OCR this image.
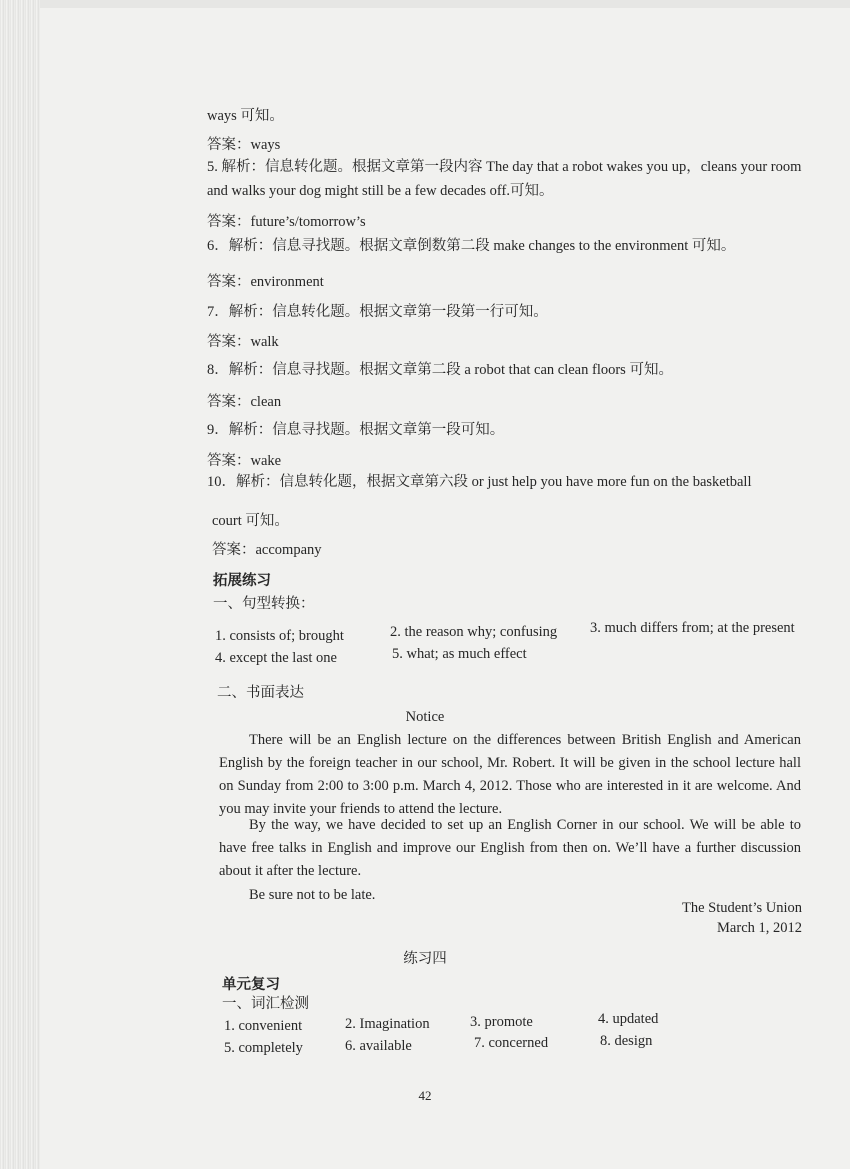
ways 可知。
答案：ways
5. 解析：信息转化题。根据文章第一段内容 The day that a robot wakes you up，cleans your room
and walks your dog might still be a few decades off.可知。
答案：future’s/tomorrow’s
6．解析：信息寻找题。根据文章倒数第二段 make changes to the environment 可知。
答案：environment
7．解析：信息转化题。根据文章第一段第一行可知。
答案：walk
8．解析：信息寻找题。根据文章第二段 a robot that can clean floors 可知。
答案：clean
9．解析：信息寻找题。根据文章第一段可知。
答案：wake
10．解析：信息转化题，根据文章第六段 or just help you have more fun on the basketball
court 可知。
答案：accompany
拓展练习
一、句型转换：
1. consists of; brought	2. the reason why; confusing 3. much differs from; at the present
4. except the last one	5. what; as much effect
二、书面表达
Notice
There will be an English lecture on the differences between British English and American English by the foreign teacher in our school, Mr. Robert. It will be given in the school lecture hall on Sunday from 2:00 to 3:00 p.m. March 4, 2012. Those who are interested in it are welcome. And you may invite your friends to attend the lecture.
By the way, we have decided to set up an English Corner in our school. We will be able to have free talks in English and improve our English from then on. We’ll have a further discussion about it after the lecture.
Be sure not to be late.
The Student’s Union
March 1, 2012
练习四
单元复习
一、词汇检测
1. convenient	2. Imagination	3. promote	4. updated
5. completely	6. available	7. concerned	8. design
42
